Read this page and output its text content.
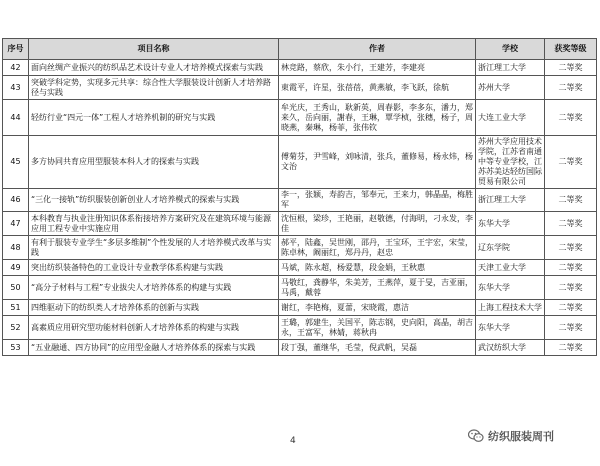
序号	项目名称	作者	学校	获奖等级
42	面向丝绸产业振兴的纺织品艺术设计专业人才培养模式探索与实践	林竞路，蔡欣，朱小行，王建芳，李建亮	浙江理工大学	二等奖
43	突破学科定势，实现多元共享：综合性大学服装设计创新人才培养路径与实践	東霞平，许星，张蓓蓓，黄燕敏，李飞跃，徐航	苏州大学	二等奖
44	轻纺行业“四元一体”工程人才培养机制的研究与实践	牟光庆，王秀山，耿新英，周春影，李多东，潘力，郑来久，岳向丽，謝春，王琳，覃学桢，张穗，杨子，周晓燕，秦琳，杨菲，张伟钦	大连工业大学	二等奖
45	多方协同共育应用型服装本科人才的探索与实践	傅菊芬，尹雪峰，刘咏清，张兵，董修易，杨永炜，杨文治	苏州大学应用技术学院，江苏省南通中等专业学校，江苏苏美达轻纺国际贸易有限公司	二等奖
46	“三化一接轨”纺织服装创新创业人才培养模式的探索与实践	李一，张颖，寿韵吉，邹奉元，王来力，韩晶晶，梅胜军	浙江理工大学	二等奖
47	本科教育与执业注册知识体系衔接培养方案研究及在建筑环境与能源应用工程专业中实施应用	沈恒根，梁珍，王艳丽，赵敬德，付海明，刁永发，李佳	东华大学	二等奖
48	有利于服装专业学生“多层多维制”个性发展的人才培养模式改革与实践	郝平，陆鑫，吴世刚，邵丹，王宝环，王宇宏，宋莹，陈卓林，阚丽红，郑丹丹，赵忠	辽东学院	二等奖
49	突出纺织装备特色的工业设计专业教学体系构建与实践	马斌，陈永超，杨爱慧，段金娟，王秋惠	天津工业大学	二等奖
50	“高分子材料与工程”专业拔尖人才培养体系的构建与实践	马敬红，龚静华，朱美芳，王燕萍，夏于旻，吉亚丽，马禹，戴蓉	东华大学	二等奖
51	四维驱动下的纺织类人才培养体系的创新与实践	谢红，李艳梅，夏蕾，宋晓霞，惠洁	上海工程技术大学	二等奖
52	高素质应用研究型功能材料创新人才培养体系的构建与实践	王璐，郭建生，关国平，陈志钢，史向阳，高晶，胡吉永，王富军，林婧，蒋秋冉	东华大学	二等奖
53	“五业融通、四方协同”的应用型金融人才培养体系的探索与实践	段丁强，董继华，毛莹，倪武帆，吴磊	武汉纺织大学	二等奖
4	纺织服装周刊
